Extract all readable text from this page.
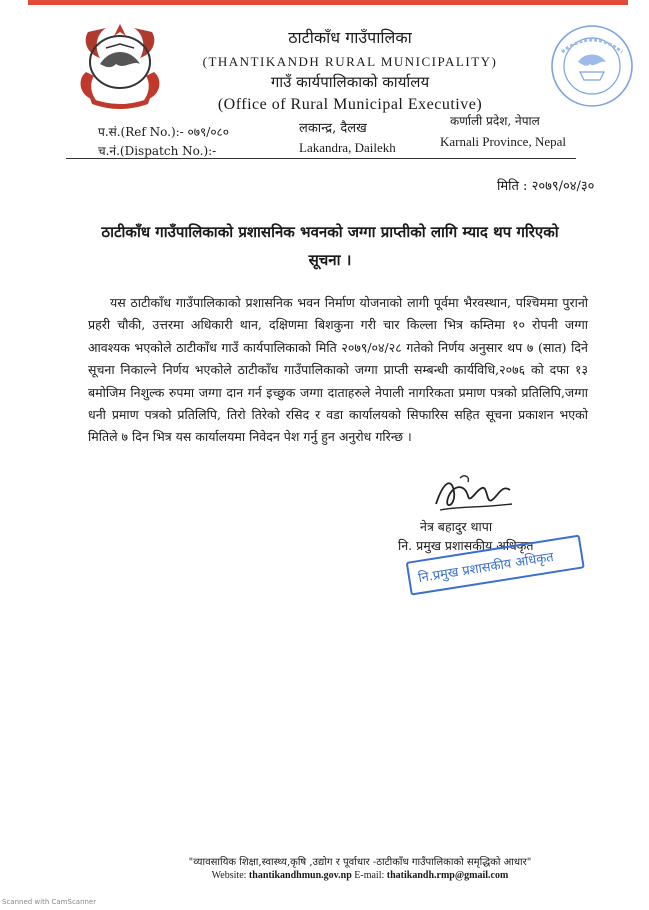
ठाटीकाँध गाउँपालिका
(THANTIKANDH RURAL MUNICIPALITY)
गाउँ कार्यपालिकाको कार्यालय
(Office of Rural Municipal Executive)
प.सं.(Ref No.):- ०७९/०८०
च.नं.(Dispatch No.):-
लकान्द्र, दैलख
Lakandra, Dailekh
कर्णाली प्रदेश, नेपाल
Karnali Province, Nepal
मिति : २०७९/०४/३०
ठाटीकाँध गाउँपालिकाको प्रशासनिक भवनको जग्गा प्राप्तीको लागि म्याद थप गरिएको
सूचना ।

यस ठाटीकाँध गाउँपालिकाको प्रशासनिक भवन निर्माण योजनाको लागी पूर्वमा भैरवस्थान, पश्चिममा पुरानो प्रहरी चौकी, उत्तरमा अधिकारी थान, दक्षिणमा बिशकुना गरी चार किल्ला भित्र कम्तिमा १० रोपनी जग्गा आवश्यक भएकोले ठाटीकाँध गाउँ कार्यपालिकाको मिति २०७९/०४/२८ गतेको निर्णय अनुसार थप ७ (सात) दिने सूचना निकाल्ने निर्णय भएकोले ठाटीकाँध गाउँपालिकाको जग्गा प्राप्ती सम्बन्धी कार्यविधि,२०७६ को दफा १३ बमोजिम निशुल्क रुपमा जग्गा दान गर्न इच्छुक जग्गा दाताहरुले नेपाली नागरिकता प्रमाण पत्रको प्रतिलिपि,जग्गा धनी प्रमाण पत्रको प्रतिलिपि, तिरो तिरेको रसिद र वडा कार्यालयको सिफारिस सहित सूचना प्रकाशन भएको मितिले ७ दिन भित्र यस कार्यालयमा निवेदन पेश गर्नु हुन अनुरोध गरिन्छ ।

नेत्र बहादुर थापा
नि. प्रमुख प्रशासकीय अधिकृत
नि.प्रमुख प्रशासकीय अधिकृत
"व्यावसायिक शिक्षा,स्वास्थ्य,कृषि ,उद्योग र पूर्वाधार -ठाटीकाँध गाउँपालिकाको समृद्धिको आधार"
Website: thantikandhmun.gov.np E-mail: thatikandh.rmp@gmail.com
Scanned with CamScanner
